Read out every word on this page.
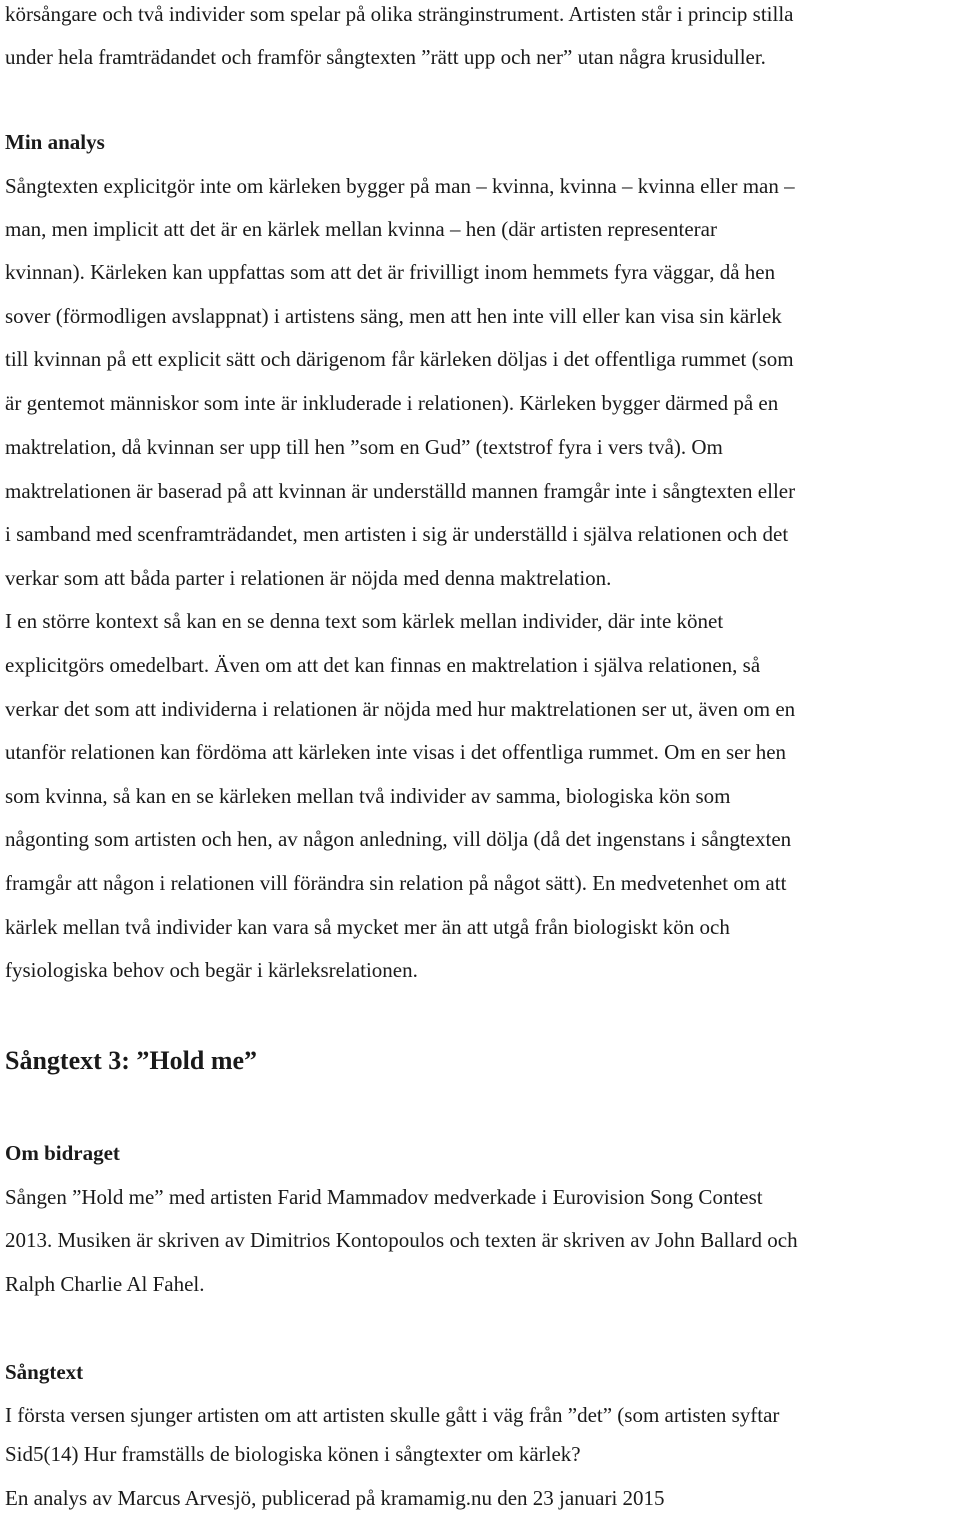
körsångare och två individer som spelar på olika stränginstrument. Artisten står i princip stilla
under hela framträdandet och framför sångtexten ”rätt upp och ner” utan några krusiduller.
Min analys
Sångtexten explicitgör inte om kärleken bygger på man – kvinna, kvinna – kvinna eller man –
man, men implicit att det är en kärlek mellan kvinna – hen (där artisten representerar
kvinnan). Kärleken kan uppfattas som att det är frivilligt inom hemmets fyra väggar, då hen
sover (förmodligen avslappnat) i artistens säng, men att hen inte vill eller kan visa sin kärlek
till kvinnan på ett explicit sätt och därigenom får kärleken döljas i det offentliga rummet (som
är gentemot människor som inte är inkluderade i relationen). Kärleken bygger därmed på en
maktrelation, då kvinnan ser upp till hen ”som en Gud” (textstrof fyra i vers två). Om
maktrelationen är baserad på att kvinnan är underställd mannen framgår inte i sångtexten eller
i samband med scenframträdandet, men artisten i sig är underställd i själva relationen och det
verkar som att båda parter i relationen är nöjda med denna maktrelation.
I en större kontext så kan en se denna text som kärlek mellan individer, där inte könet
explicitgörs omedelbart. Även om att det kan finnas en maktrelation i själva relationen, så
verkar det som att individerna i relationen är nöjda med hur maktrelationen ser ut, även om en
utanför relationen kan fördöma att kärleken inte visas i det offentliga rummet. Om en ser hen
som kvinna, så kan en se kärleken mellan två individer av samma, biologiska kön som
någonting som artisten och hen, av någon anledning, vill dölja (då det ingenstans i sångtexten
framgår att någon i relationen vill förändra sin relation på något sätt). En medvetenhet om att
kärlek mellan två individer kan vara så mycket mer än att utgå från biologiskt kön och
fysiologiska behov och begär i kärleksrelationen.
Sångtext 3: ”Hold me”
Om bidraget
Sången ”Hold me” med artisten Farid Mammadov medverkade i Eurovision Song Contest
2013. Musiken är skriven av Dimitrios Kontopoulos och texten är skriven av John Ballard och
Ralph Charlie Al Fahel.
Sångtext
I första versen sjunger artisten om att artisten skulle gått i väg från ”det” (som artisten syftar
Sid5(14) Hur framställs de biologiska könen i sångtexter om kärlek?
En analys av Marcus Arvesjö, publicerad på kramamig.nu den 23 januari 2015
